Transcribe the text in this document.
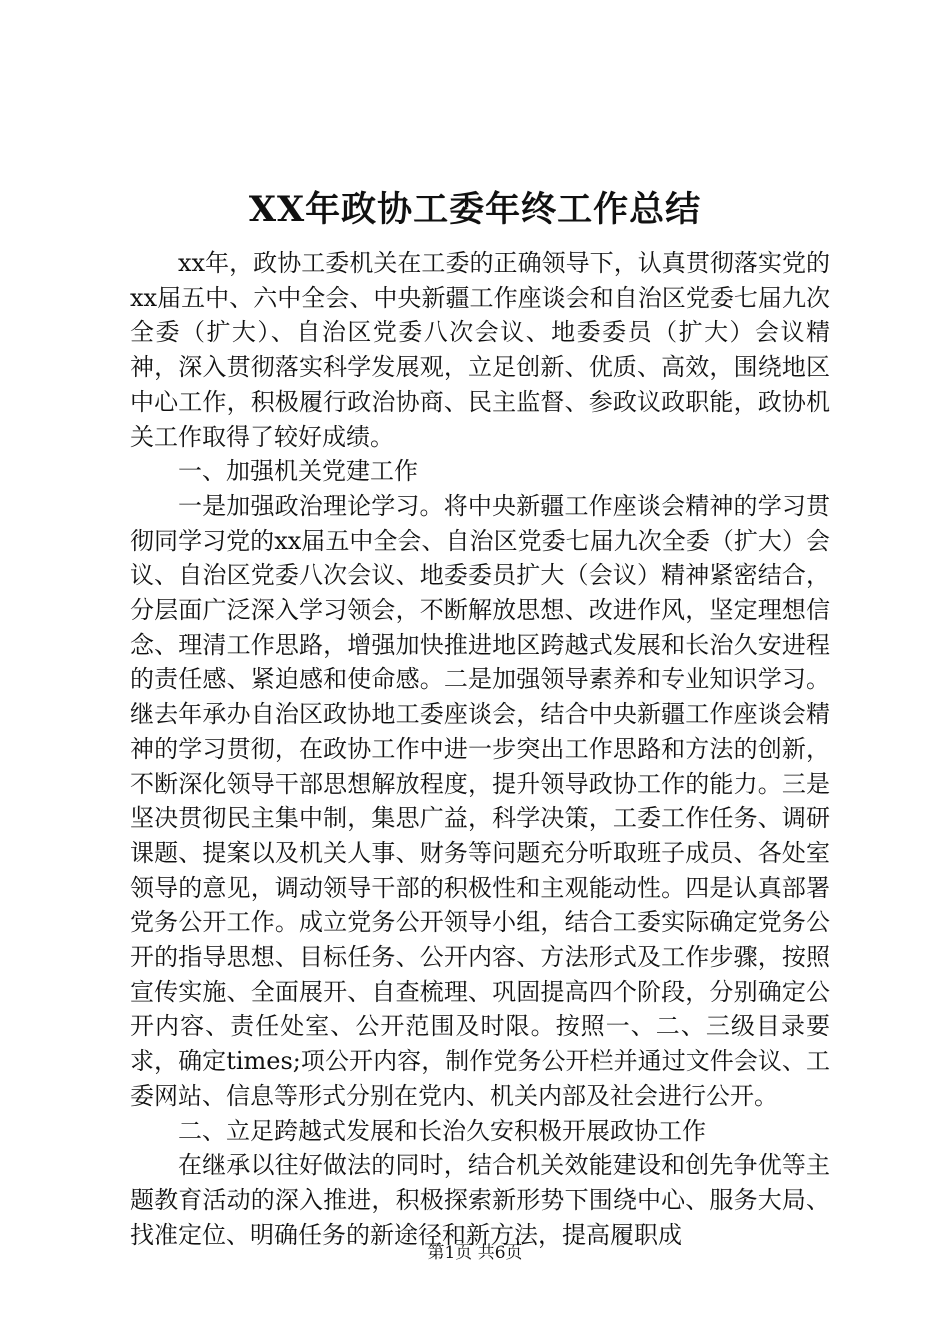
XX年政协工委年终工作总结

xx年，政协工委机关在工委的正确领导下，认真贯彻落实党的xx届五中、六中全会、中央新疆工作座谈会和自治区党委七届九次全委（扩大）、自治区党委八次会议、地委委员（扩大）会议精神，深入贯彻落实科学发展观，立足创新、优质、高效，围绕地区中心工作，积极履行政治协商、民主监督、参政议政职能，政协机关工作取得了较好成绩。

一、加强机关党建工作

一是加强政治理论学习。将中央新疆工作座谈会精神的学习贯彻同学习党的xx届五中全会、自治区党委七届九次全委（扩大）会议、自治区党委八次会议、地委委员扩大（会议）精神紧密结合，分层面广泛深入学习领会，不断解放思想、改进作风，坚定理想信念、理清工作思路，增强加快推进地区跨越式发展和长治久安进程的责任感、紧迫感和使命感。二是加强领导素养和专业知识学习。继去年承办自治区政协地工委座谈会，结合中央新疆工作座谈会精神的学习贯彻，在政协工作中进一步突出工作思路和方法的创新，不断深化领导干部思想解放程度，提升领导政协工作的能力。三是坚决贯彻民主集中制，集思广益，科学决策，工委工作任务、调研课题、提案以及机关人事、财务等问题充分听取班子成员、各处室领导的意见，调动领导干部的积极性和主观能动性。四是认真部署党务公开工作。成立党务公开领导小组，结合工委实际确定党务公开的指导思想、目标任务、公开内容、方法形式及工作步骤，按照宣传实施、全面展开、自查梳理、巩固提高四个阶段，分别确定公开内容、责任处室、公开范围及时限。按照一、二、三级目录要求，确定times;项公开内容，制作党务公开栏并通过文件会议、工委网站、信息等形式分别在党内、机关内部及社会进行公开。

二、立足跨越式发展和长治久安积极开展政协工作

在继承以往好做法的同时，结合机关效能建设和创先争优等主题教育活动的深入推进，积极探索新形势下围绕中心、服务大局、找准定位、明确任务的新途径和新方法，提高履职成

第1页 共6页
